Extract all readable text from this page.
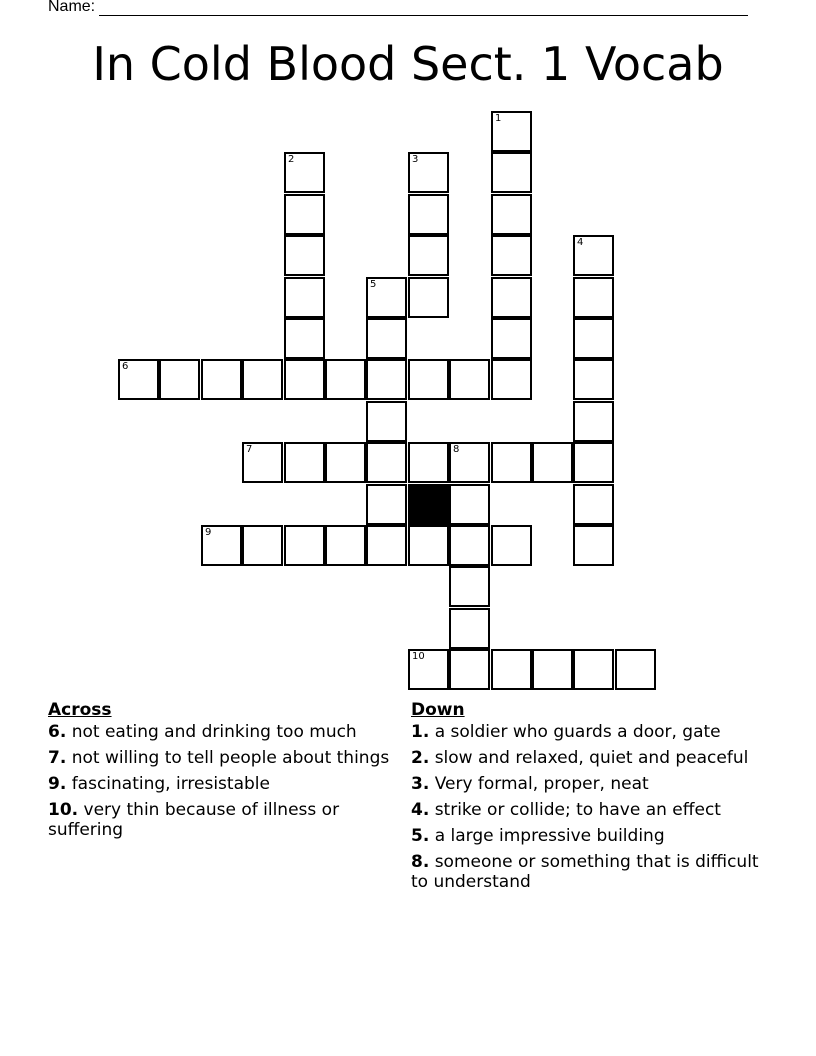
Name:
In Cold Blood Sect. 1 Vocab
1
2	3
4
5
6
7	8
9
10
Across
6. not eating and drinking too much
7. not willing to tell people about things
9. fascinating, irresistable
10. very thin because of illness or suffering
Down
1. a soldier who guards a door, gate
2. slow and relaxed, quiet and peaceful
3. Very formal, proper, neat
4. strike or collide; to have an effect
5. a large impressive building
8. someone or something that is difficult to understand
